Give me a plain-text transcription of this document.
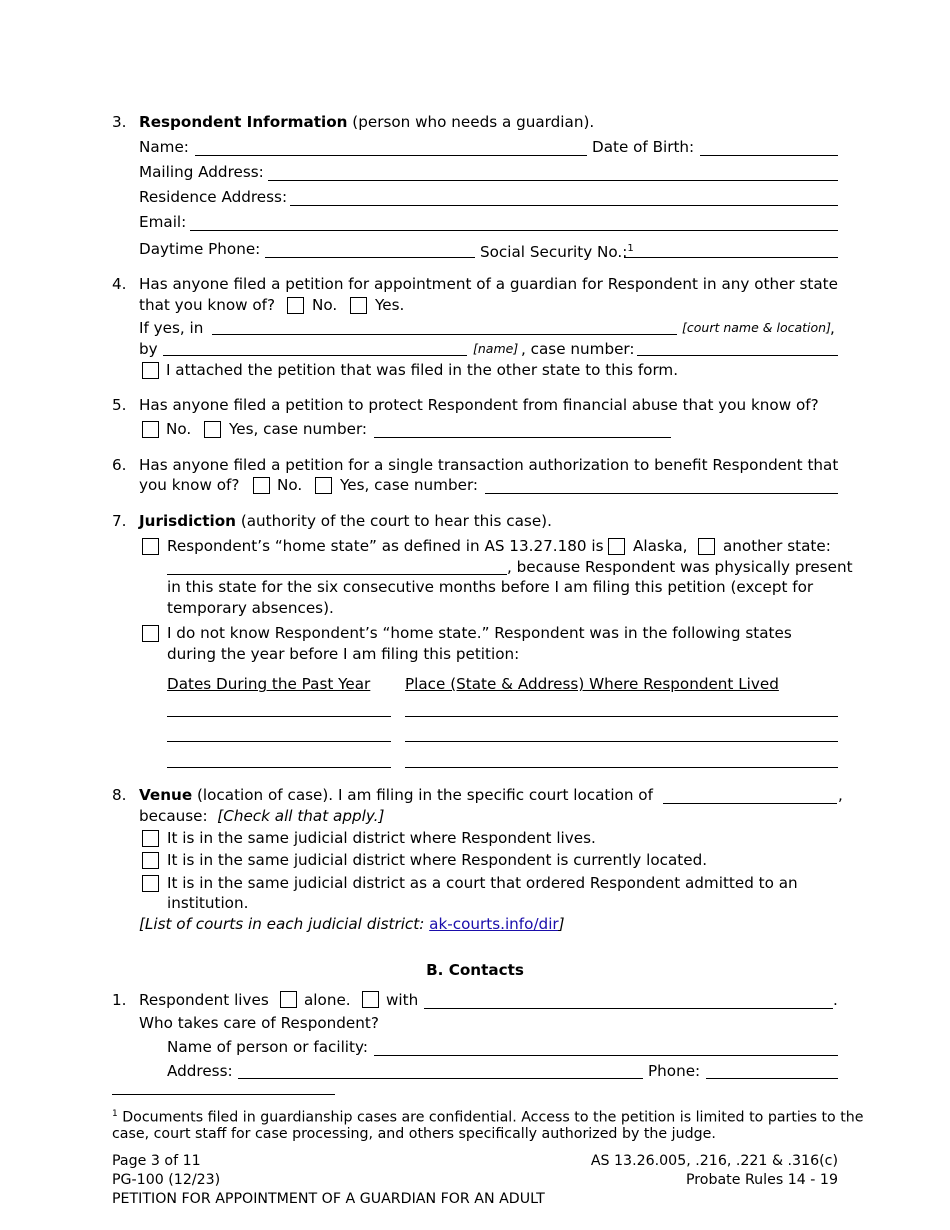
3. Respondent Information (person who needs a guardian).
Name:	Date of Birth:
Mailing Address:
Residence Address:
Email:
Daytime Phone:	Social Security No.:$^1$
4. Has anyone filed a petition for appointment of a guardian for Respondent in any other state
that you know of? No. Yes.
If yes, in	[court name & location] ,
by	[name] , case number:
I attached the petition that was filed in the other state to this form.
5. Has anyone filed a petition to protect Respondent from financial abuse that you know of?
No. Yes, case number:
6. Has anyone filed a petition for a single transaction authorization to benefit Respondent that
you know of? No. Yes, case number:
7. Jurisdiction (authority of the court to hear this case).
Respondent’s “home state” as defined in AS 13.27.180 is Alaska, another state:
, because Respondent was physically present
in this state for the six consecutive months before I am filing this petition (except for
temporary absences).
I do not know Respondent’s “home state.” Respondent was in the following states
during the year before I am filing this petition:
Dates During the Past Year Place (State & Address) Where Respondent Lived
8. Venue (location of case). I am filing in the specific court location of	,
because: [Check all that apply.]
It is in the same judicial district where Respondent lives.
It is in the same judicial district where Respondent is currently located.
It is in the same judicial district as a court that ordered Respondent admitted to an
institution.
[List of courts in each judicial district: ak-courts.info/dir]
B. Contacts
1. Respondent lives alone. with	.
Who takes care of Respondent?
Name of person or facility:
Address:	Phone:
$^1$ Documents filed in guardianship cases are confidential. Access to the petition is limited to parties to the
case, court staff for case processing, and others specifically authorized by the judge.
Page 3 of 11
PG-100 (12/23)
PETITION FOR APPOINTMENT OF A GUARDIAN FOR AN ADULT
AS 13.26.005, .216, .221 & .316(c)
Probate Rules 14 - 19
